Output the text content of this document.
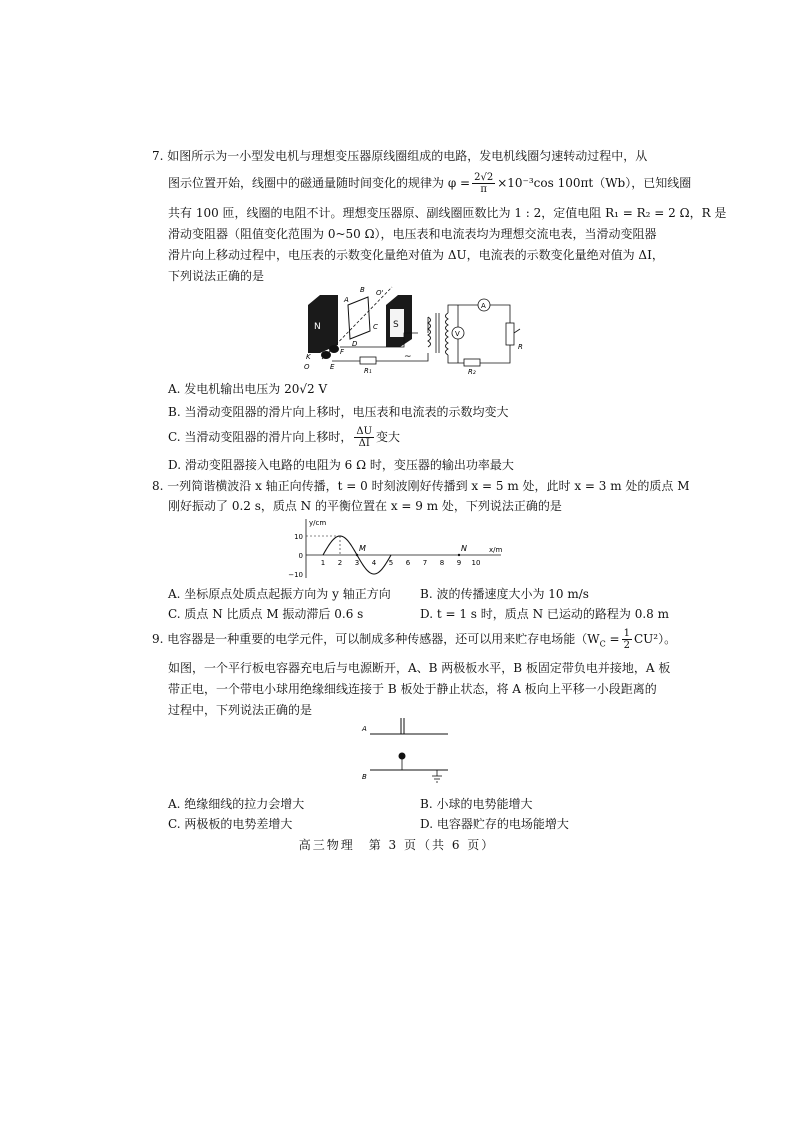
7. 如图所示为一小型发电机与理想变压器原线圈组成的电路，发电机线圈匀速转动过程中，从
图示位置开始，线圈中的磁通量随时间变化的规律为 $\varphi = \frac{2√2}{\pi} \times 10^{-3}\cos$ 100πt（Wb），已知线圈
共有 100 匝，线圈的电阻不计。理想变压器原、副线圈匝数比为 1 : 2，定值电阻 R₁ = R₂ = 2 Ω，R 是
滑动变阻器（阻值变化范围为 0~50 Ω），电压表和电流表均为理想交流电表，当滑动变阻器
滑片向上移动过程中，电压表的示数变化量绝对值为 ΔU，电流表的示数变化量绝对值为 ΔI，
下列说法正确的是
N	S
A
B
C
D
O'
K
O
F
E	R₁
~
R₂
R
A
V
A. 发电机输出电压为 20√2 V
B. 当滑动变阻器的滑片向上移时，电压表和电流表的示数均变大
C. 当滑动变阻器的滑片向上移时， $\frac{\Delta U}{\Delta I}$ 变大
D. 滑动变阻器接入电路的电阻为 6 Ω 时，变压器的输出功率最大
8. 一列简谐横波沿 x 轴正向传播，t = 0 时刻波刚好传播到 x = 5 m 处，此时 x = 3 m 处的质点 M
刚好振动了 0.2 s，质点 N 的平衡位置在 x = 9 m 处，下列说法正确的是
y/cm
x/m
10
0
−10
1 2 3 4 5 6 7 8 9 10
M	N
A. 坐标原点处质点起振方向为 y 轴正方向 B. 波的传播速度大小为 10 m/s
C. 质点 N 比质点 M 振动滞后 0.6 s	D. t = 1 s 时，质点 N 已运动的路程为 0.8 m
9. 电容器是一种重要的电学元件，可以制成多种传感器，还可以用来贮存电场能$(W_C = \frac{1}{2} CU^2)$。
如图，一个平行板电容器充电后与电源断开，A、B 两极板水平，B 板固定带负电并接地，A 板
带正电，一个带电小球用绝缘细线连接于 B 板处于静止状态，将 A 板向上平移一小段距离的
过程中，下列说法正确的是
A
B
A. 绝缘细线的拉力会增大	B. 小球的电势能增大
C. 两极板的电势差增大	D. 电容器贮存的电场能增大
高三物理　第 3 页（共 6 页）
